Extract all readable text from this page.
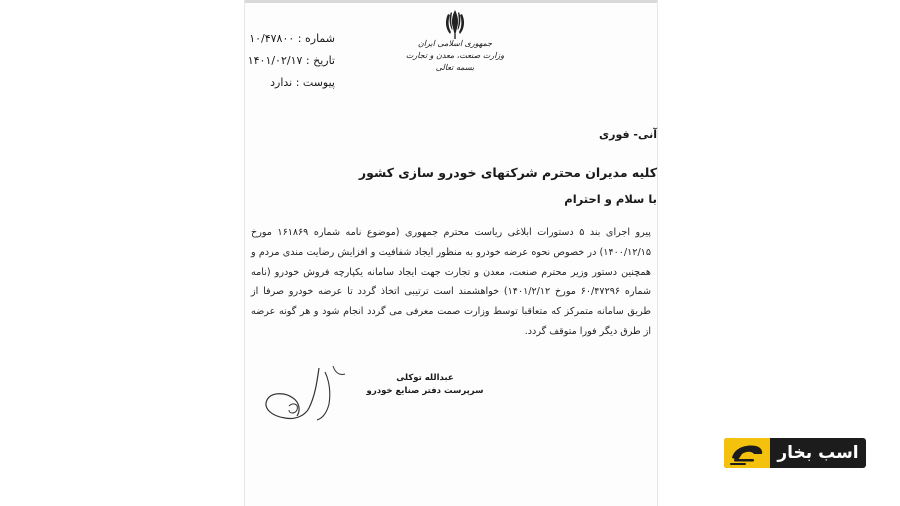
جمهوری اسلامی ایران
وزارت صنعت، معدن و تجارت
بسمه تعالی
شماره : ۱۰/۴۷۸۰۰
تاریخ : ۱۴۰۱/۰۲/۱۷
پیوست : ندارد
آنی- فوری
کلیه مدیران محترم شرکتهای خودرو سازی کشور
با سلام و احترام
پیرو اجرای بند ۵ دستورات ابلاغی ریاست محترم جمهوری (موضوع نامه شماره ۱۶۱۸۶۹ مورخ ۱۴۰۰/۱۲/۱۵) در خصوص نحوه عرضه خودرو به منظور ایجاد شفافیت و افزایش رضایت مندی مردم و همچنین دستور وزیر محترم صنعت، معدن و تجارت جهت ایجاد سامانه یکپارچه فروش خودرو (نامه شماره ۶۰/۴۷۲۹۶ مورخ ۱۴۰۱/۲/۱۲) خواهشمند است ترتیبی اتخاذ گردد تا عرضه خودرو صرفا از طریق سامانه متمرکز که متعاقبا توسط وزارت صمت معرفی می گردد انجام شود و هر گونه عرضه از طرق دیگر فورا متوقف گردد.
عبدالله توکلی
سرپرست دفتر صنایع خودرو
اسب بخار
